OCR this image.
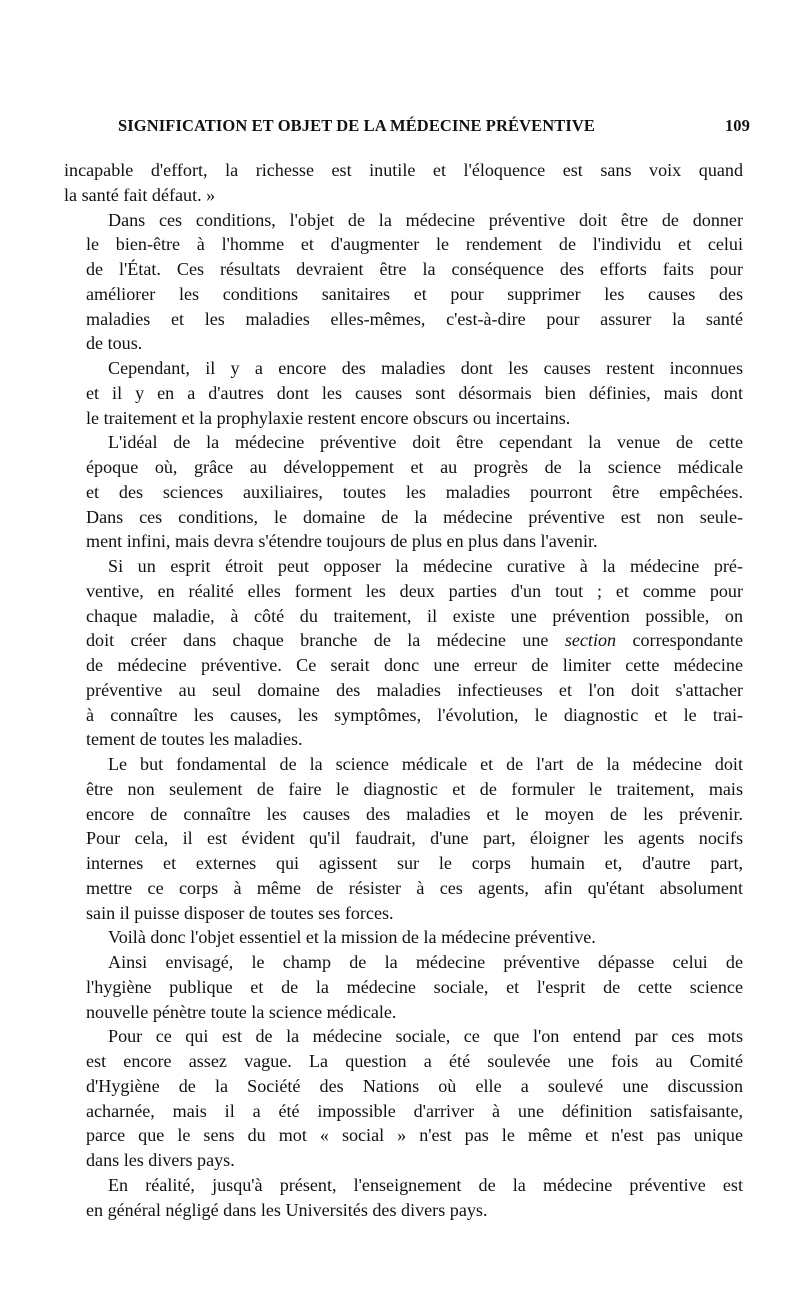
SIGNIFICATION ET OBJET DE LA MÉDECINE PRÉVENTIVE	109

incapable d'effort, la richesse est inutile et l'éloquence est sans voix quand
la santé fait défaut. »

Dans ces conditions, l'objet de la médecine préventive doit être de donner
le bien-être à l'homme et d'augmenter le rendement de l'individu et celui
de l'État. Ces résultats devraient être la conséquence des efforts faits pour
améliorer les conditions sanitaires et pour supprimer les causes des
maladies et les maladies elles-mêmes, c'est-à-dire pour assurer la santé
de tous.

Cependant, il y a encore des maladies dont les causes restent inconnues
et il y en a d'autres dont les causes sont désormais bien définies, mais dont
le traitement et la prophylaxie restent encore obscurs ou incertains.

L'idéal de la médecine préventive doit être cependant la venue de cette
époque où, grâce au développement et au progrès de la science médicale
et des sciences auxiliaires, toutes les maladies pourront être empêchées.
Dans ces conditions, le domaine de la médecine préventive est non seule-
ment infini, mais devra s'étendre toujours de plus en plus dans l'avenir.

Si un esprit étroit peut opposer la médecine curative à la médecine pré-
ventive, en réalité elles forment les deux parties d'un tout ; et comme pour
chaque maladie, à côté du traitement, il existe une prévention possible, on
doit créer dans chaque branche de la médecine une section correspondante
de médecine préventive. Ce serait donc une erreur de limiter cette médecine
préventive au seul domaine des maladies infectieuses et l'on doit s'attacher
à connaître les causes, les symptômes, l'évolution, le diagnostic et le trai-
tement de toutes les maladies.

Le but fondamental de la science médicale et de l'art de la médecine doit
être non seulement de faire le diagnostic et de formuler le traitement, mais
encore de connaître les causes des maladies et le moyen de les prévenir.
Pour cela, il est évident qu'il faudrait, d'une part, éloigner les agents nocifs
internes et externes qui agissent sur le corps humain et, d'autre part,
mettre ce corps à même de résister à ces agents, afin qu'étant absolument
sain il puisse disposer de toutes ses forces.

Voilà donc l'objet essentiel et la mission de la médecine préventive.

Ainsi envisagé, le champ de la médecine préventive dépasse celui de
l'hygiène publique et de la médecine sociale, et l'esprit de cette science
nouvelle pénètre toute la science médicale.

Pour ce qui est de la médecine sociale, ce que l'on entend par ces mots
est encore assez vague. La question a été soulevée une fois au Comité
d'Hygiène de la Société des Nations où elle a soulevé une discussion
acharnée, mais il a été impossible d'arriver à une définition satisfaisante,
parce que le sens du mot « social » n'est pas le même et n'est pas unique
dans les divers pays.

En réalité, jusqu'à présent, l'enseignement de la médecine préventive est
en général négligé dans les Universités des divers pays.
